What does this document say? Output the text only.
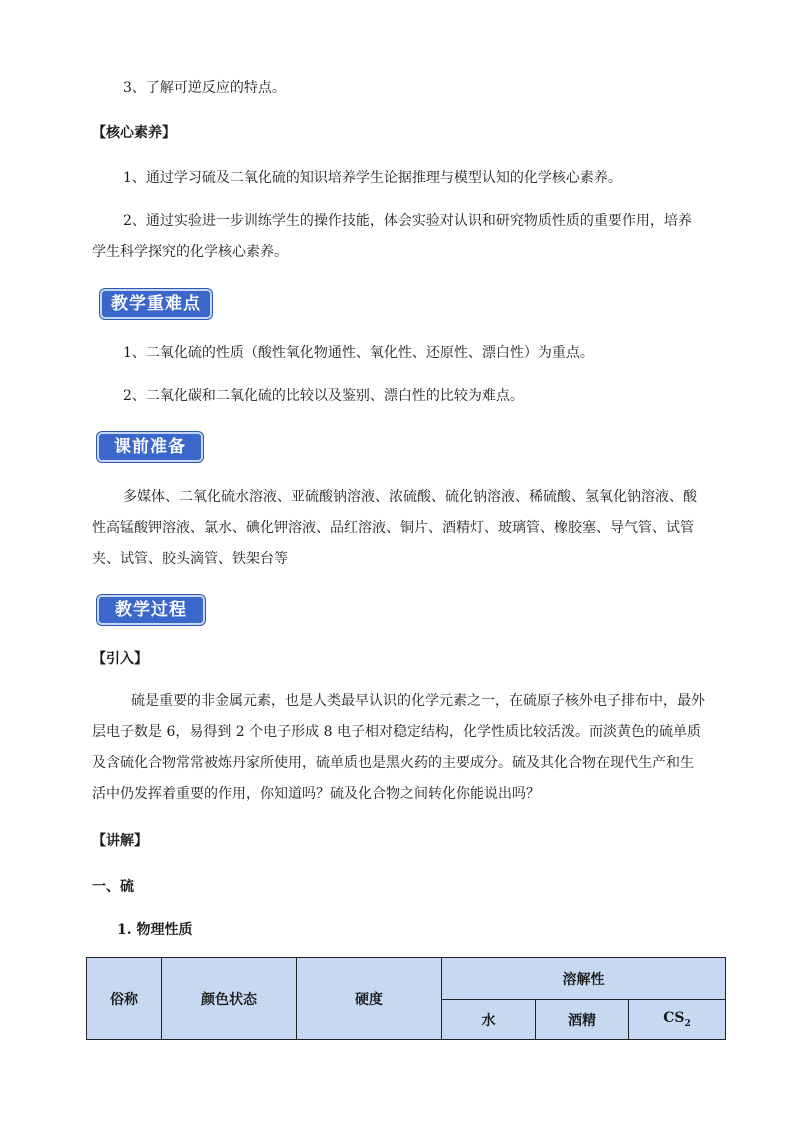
3、了解可逆反应的特点。
【核心素养】
1、通过学习硫及二氧化硫的知识培养学生论据推理与模型认知的化学核心素养。
2、通过实验进一步训练学生的操作技能，体会实验对认识和研究物质性质的重要作用，培养学生科学探究的化学核心素养。
教学重难点
1、二氧化硫的性质（酸性氧化物通性、氧化性、还原性、漂白性）为重点。
2、二氧化碳和二氧化硫的比较以及鉴别、漂白性的比较为难点。
课前准备
多媒体、二氧化硫水溶液、亚硫酸钠溶液、浓硫酸、硫化钠溶液、稀硫酸、氢氧化钠溶液、酸性高锰酸钾溶液、氯水、碘化钾溶液、品红溶液、铜片、酒精灯、玻璃管、橡胶塞、导气管、试管夹、试管、胶头滴管、铁架台等
教学过程
【引入】
硫是重要的非金属元素，也是人类最早认识的化学元素之一，在硫原子核外电子排布中，最外层电子数是 6，易得到 2 个电子形成 8 电子相对稳定结构，化学性质比较活泼。而淡黄色的硫单质及含硫化合物常常被炼丹家所使用，硫单质也是黑火药的主要成分。硫及其化合物在现代生产和生活中仍发挥着重要的作用，你知道吗？硫及化合物之间转化你能说出吗？
【讲解】
一、硫
1. 物理性质
俗称	颜色状态	硬度	溶解性		
			水	酒精	$CS_2$
